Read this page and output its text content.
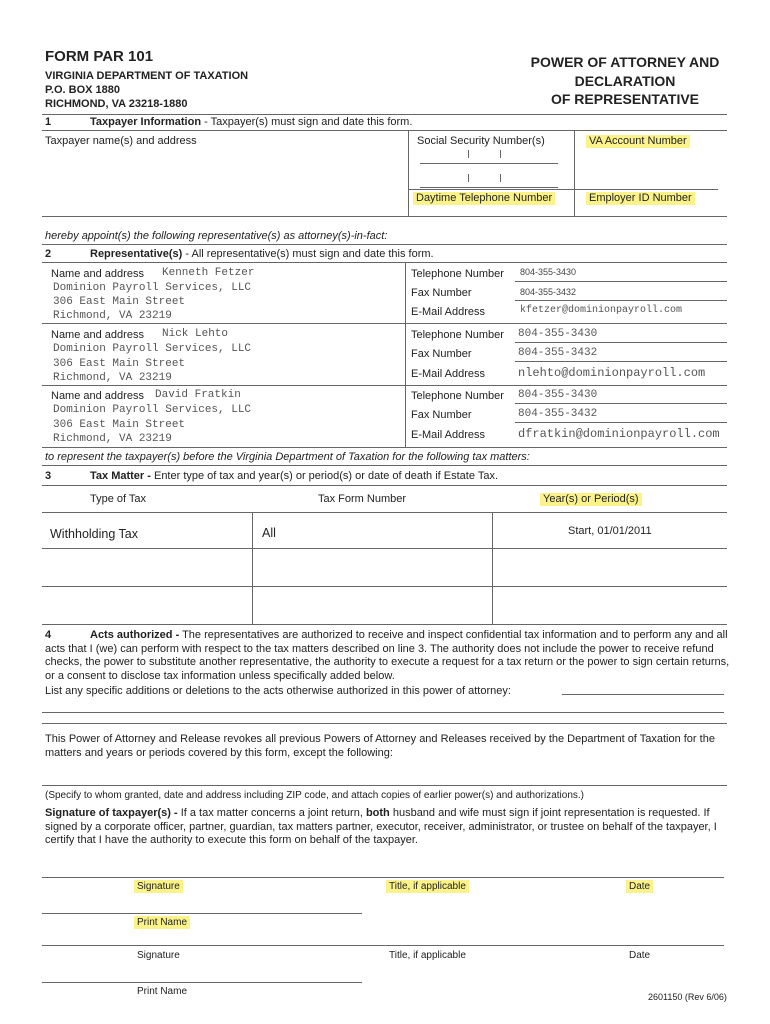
FORM PAR 101
VIRGINIA DEPARTMENT OF TAXATION
P.O. BOX 1880
RICHMOND, VA 23218-1880
POWER OF ATTORNEY AND
DECLARATION
OF REPRESENTATIVE
1	Taxpayer Information - Taxpayer(s) must sign and date this form.
Taxpayer name(s) and address	Social Security Number(s)	VA Account Number
Daytime Telephone Number	Employer ID Number
hereby appoint(s) the following representative(s) as attorney(s)-in-fact:
2	Representative(s) - All representative(s) must sign and date this form.
Name and address Kenneth Fetzer
Dominion Payroll Services, LLC
306 East Main Street
Richmond, VA 23219
Telephone Number 804-355-3430
Fax Number	804-355-3432
E-Mail Address	kfetzer@dominionpayroll.com
Name and address Nick Lehto
Dominion Payroll Services, LLC
306 East Main Street
Richmond, VA 23219
Telephone Number 804-355-3430
Fax Number	804-355-3432
E-Mail Address	nlehto@dominionpayroll.com
Name and address David Fratkin
Dominion Payroll Services, LLC
306 East Main Street
Richmond, VA 23219
Telephone Number 804-355-3430
Fax Number	804-355-3432
E-Mail Address	dfratkin@dominionpayroll.com
to represent the taxpayer(s) before the Virginia Department of Taxation for the following tax matters:
3	Tax Matter - Enter type of tax and year(s) or period(s) or date of death if Estate Tax.
Type of Tax	Tax Form Number	Year(s) or Period(s)
Withholding Tax	All	Start, 01/01/2011
4	Acts authorized - The representatives are authorized to receive and inspect confidential tax information and to perform any and all acts that I (we) can perform with respect to the tax matters described on line 3. The authority does not include the power to receive refund checks, the power to substitute another representative, the authority to execute a request for a tax return or the power to sign certain returns, or a consent to disclose tax information unless specifically added below.
List any specific additions or deletions to the acts otherwise authorized in this power of attorney:
This Power of Attorney and Release revokes all previous Powers of Attorney and Releases received by the Department of Taxation for the matters and years or periods covered by this form, except the following:
(Specify to whom granted, date and address including ZIP code, and attach copies of earlier power(s) and authorizations.)
Signature of taxpayer(s) - If a tax matter concerns a joint return, both husband and wife must sign if joint representation is requested. If signed by a corporate officer, partner, guardian, tax matters partner, executor, receiver, administrator, or trustee on behalf of the taxpayer, I certify that I have the authority to execute this form on behalf of the taxpayer.
Signature	Title, if applicable	Date
Print Name
Signature	Title, if applicable	Date
Print Name	2601150 (Rev 6/06)
